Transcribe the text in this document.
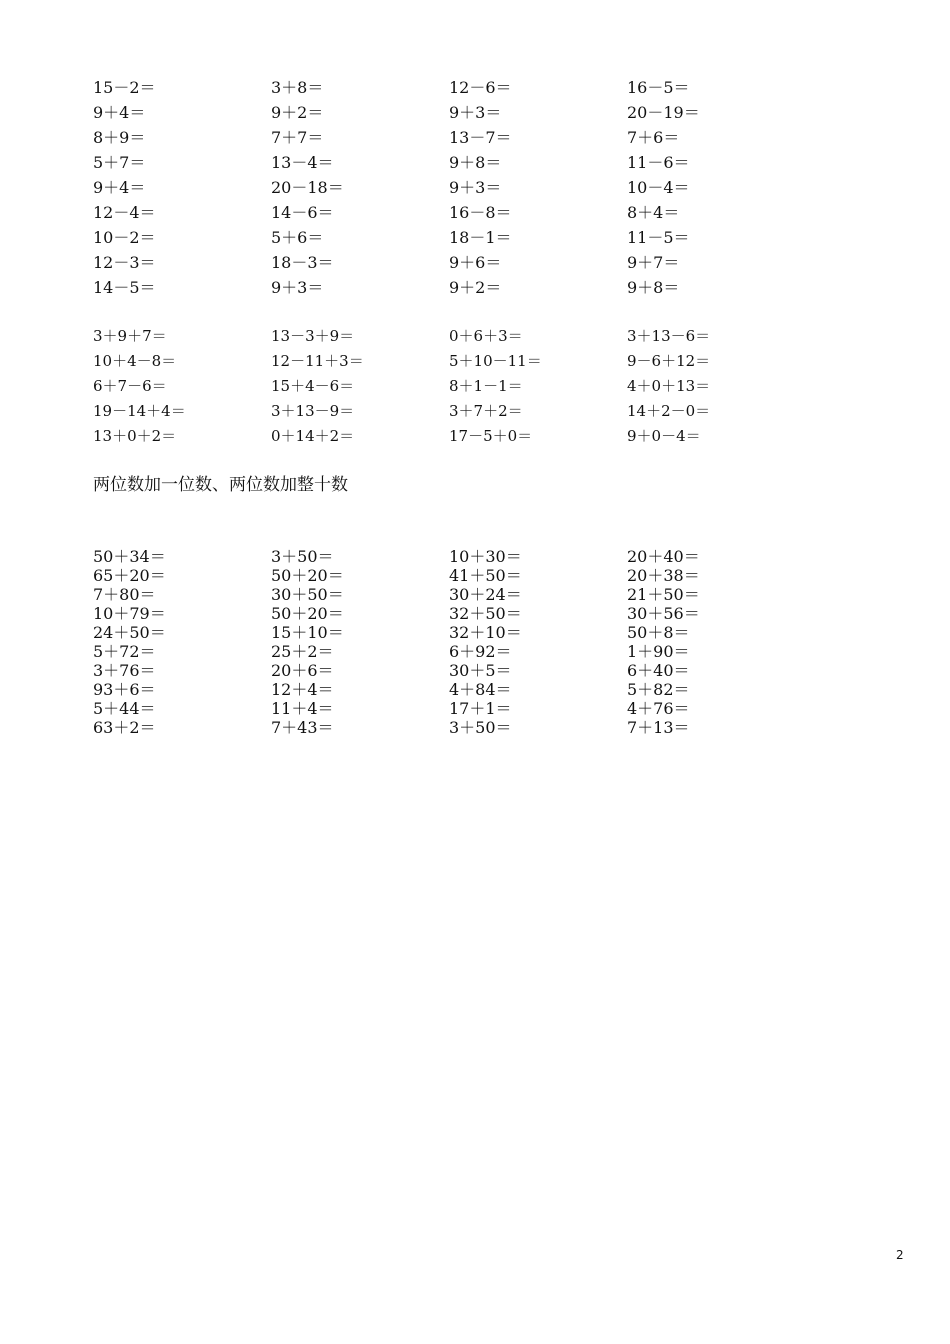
15－2＝	3＋8＝	12－6＝	16－5＝
9＋4＝	9＋2＝	9＋3＝	20－19＝
8＋9＝	7＋7＝	13－7＝	7＋6＝
5＋7＝	13－4＝	9＋8＝	11－6＝
9＋4＝	20－18＝	9＋3＝	10－4＝
12－4＝	14－6＝	16－8＝	8＋4＝
10－2＝	5＋6＝	18－1＝	11－5＝
12－3＝	18－3＝	9＋6＝	9＋7＝
14－5＝	9＋3＝	9＋2＝	9＋8＝
3＋9＋7＝	13－3＋9＝	0＋6＋3＝	3＋13－6＝
10＋4－8＝	12－11＋3＝	5＋10－11＝	9－6＋12＝
6＋7－6＝	15＋4－6＝	8＋1－1＝	4＋0＋13＝
19－14＋4＝	3＋13－9＝	3＋7＋2＝	14＋2－0＝
13＋0＋2＝	0＋14＋2＝	17－5＋0＝	9＋0－4＝
两位数加一位数、两位数加整十数
50＋34＝	3＋50＝	10＋30＝	20＋40＝
65＋20＝	50＋20＝	41＋50＝	20＋38＝
7＋80＝	30＋50＝	30＋24＝	21＋50＝
10＋79＝	50＋20＝	32＋50＝	30＋56＝
24＋50＝	15＋10＝	32＋10＝	50＋8＝
5＋72＝	25＋2＝	6＋92＝	1＋90＝
3＋76＝	20＋6＝	30＋5＝	6＋40＝
93＋6＝	12＋4＝	4＋84＝	5＋82＝
5＋44＝	11＋4＝	17＋1＝	4＋76＝
63＋2＝	7＋43＝	3＋50＝	7＋13＝
2
